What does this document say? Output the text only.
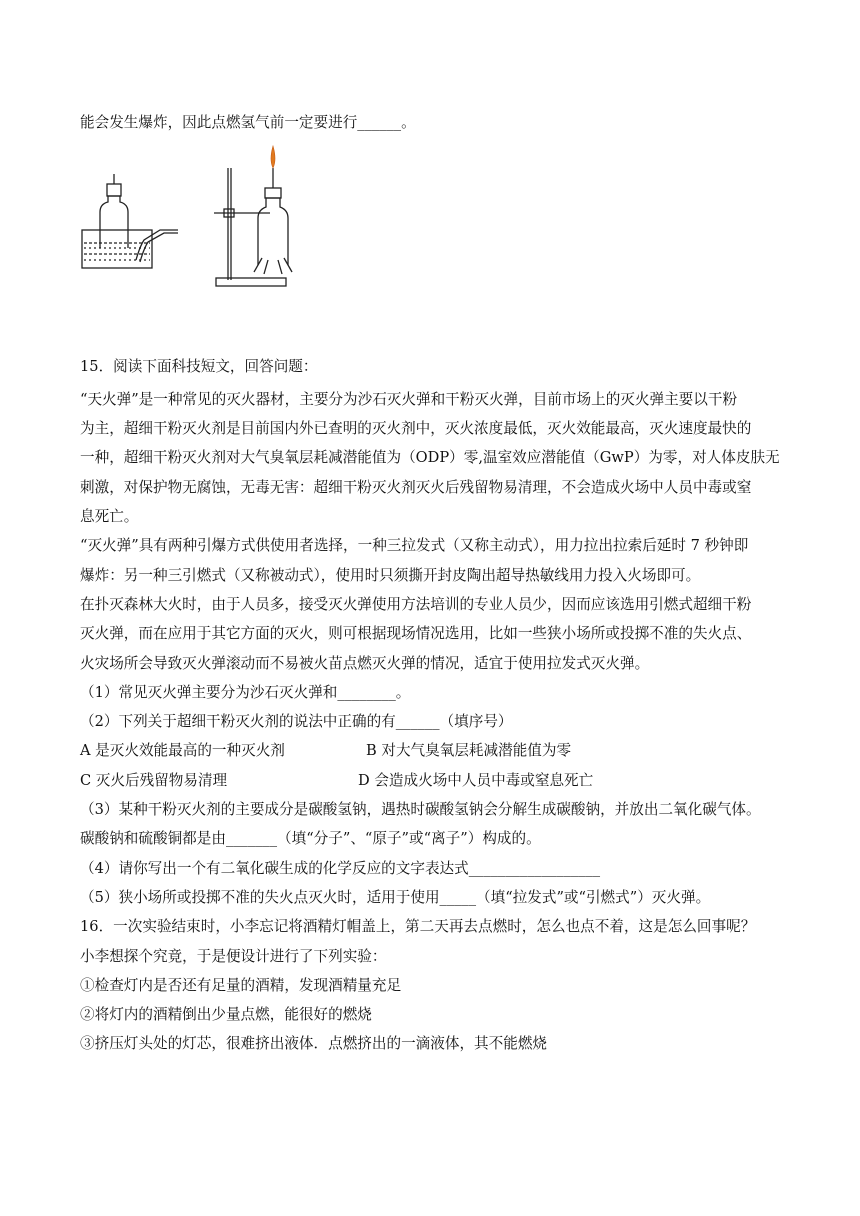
能会发生爆炸，因此点燃氢气前一定要进行______。
15．阅读下面科技短文，回答问题：
“天火弹”是一种常见的灭火器材，主要分为沙石灭火弹和干粉灭火弹，目前市场上的灭火弹主要以干粉
为主，超细干粉灭火剂是目前国内外已查明的灭火剂中，灭火浓度最低，灭火效能最高，灭火速度最快的
一种，超细干粉灭火剂对大气臭氧层耗减潜能值为（ODP）零,温室效应潜能值（GwP）为零，对人体皮肤无
刺激，对保护物无腐蚀，无毒无害：超细干粉灭火剂灭火后残留物易清理，不会造成火场中人员中毒或窒
息死亡。
“灭火弹”具有两种引爆方式供使用者选择，一种三拉发式（又称主动式），用力拉出拉索后延时 7 秒钟即
爆炸：另一种三引燃式（又称被动式），使用时只须撕开封皮陶出超导热敏线用力投入火场即可。
在扑灭森林大火时，由于人员多，接受灭火弹使用方法培训的专业人员少，因而应该选用引燃式超细干粉
灭火弹，而在应用于其它方面的灭火，则可根据现场情况选用，比如一些狭小场所或投掷不准的失火点、
火灾场所会导致灭火弹滚动而不易被火苗点燃灭火弹的情况，适宜于使用拉发式灭火弹。
（1）常见灭火弹主要分为沙石灭火弹和________。
（2）下列关于超细干粉灭火剂的说法中正确的有______（填序号）
A 是灭火效能最高的一种灭火剂	B 对大气臭氧层耗减潜能值为零
C 灭火后残留物易清理	D 会造成火场中人员中毒或窒息死亡
（3）某种干粉灭火剂的主要成分是碳酸氢钠，遇热时碳酸氢钠会分解生成碳酸钠，并放出二氧化碳气体。
碳酸钠和硫酸铜都是由_______（填“分子”、“原子”或“离子”）构成的。
（4）请你写出一个有二氧化碳生成的化学反应的文字表达式__________________
（5）狭小场所或投掷不准的失火点灭火时，适用于使用_____（填“拉发式”或“引燃式”）灭火弹。
16．一次实验结束时，小李忘记将酒精灯帽盖上，第二天再去点燃时，怎么也点不着，这是怎么回事呢？
小李想探个究竟，于是便设计进行了下列实验：
①检查灯内是否还有足量的酒精，发现酒精量充足
②将灯内的酒精倒出少量点燃，能很好的燃烧
③挤压灯头处的灯芯，很难挤出液体．点燃挤出的一滴液体，其不能燃烧
